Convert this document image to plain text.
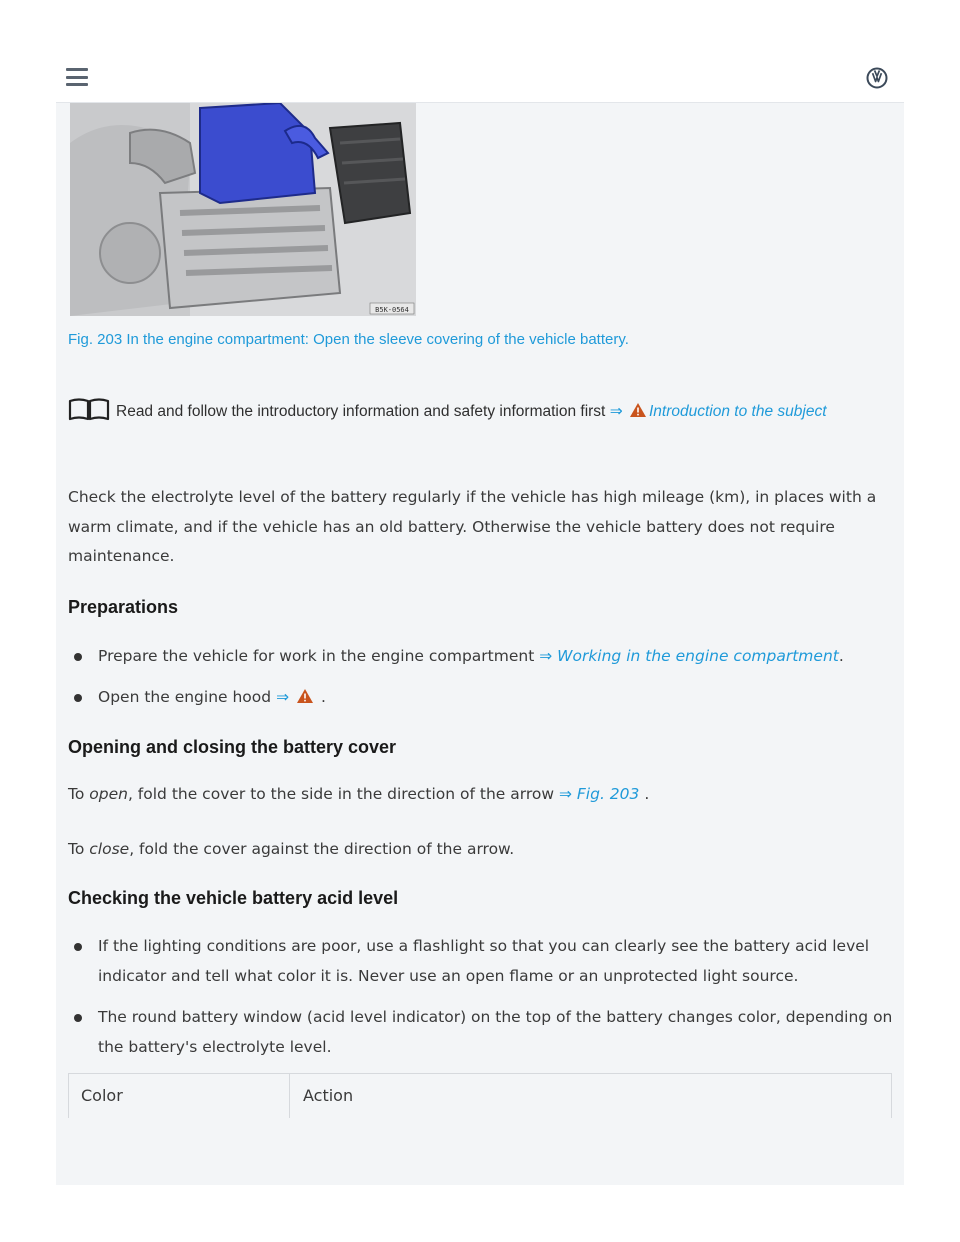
B5K-0564
Fig. 203 In the engine compartment: Open the sleeve covering of the vehicle battery.
Read and follow the introductory information and safety information first ⇒ Introduction to the subject
Check the electrolyte level of the battery regularly if the vehicle has high mileage (km), in places with a warm climate, and if the vehicle has an old battery. Otherwise the vehicle battery does not require maintenance.
Preparations
Prepare the vehicle for work in the engine compartment ⇒ Working in the engine compartment.
Open the engine hood ⇒ .
Opening and closing the battery cover
To open, fold the cover to the side in the direction of the arrow ⇒ Fig. 203 .
To close, fold the cover against the direction of the arrow.
Checking the vehicle battery acid level
If the lighting conditions are poor, use a flashlight so that you can clearly see the battery acid level indicator and tell what color it is. Never use an open flame or an unprotected light source.
The round battery window (acid level indicator) on the top of the battery changes color, depending on the battery's electrolyte level.
Color	Action
